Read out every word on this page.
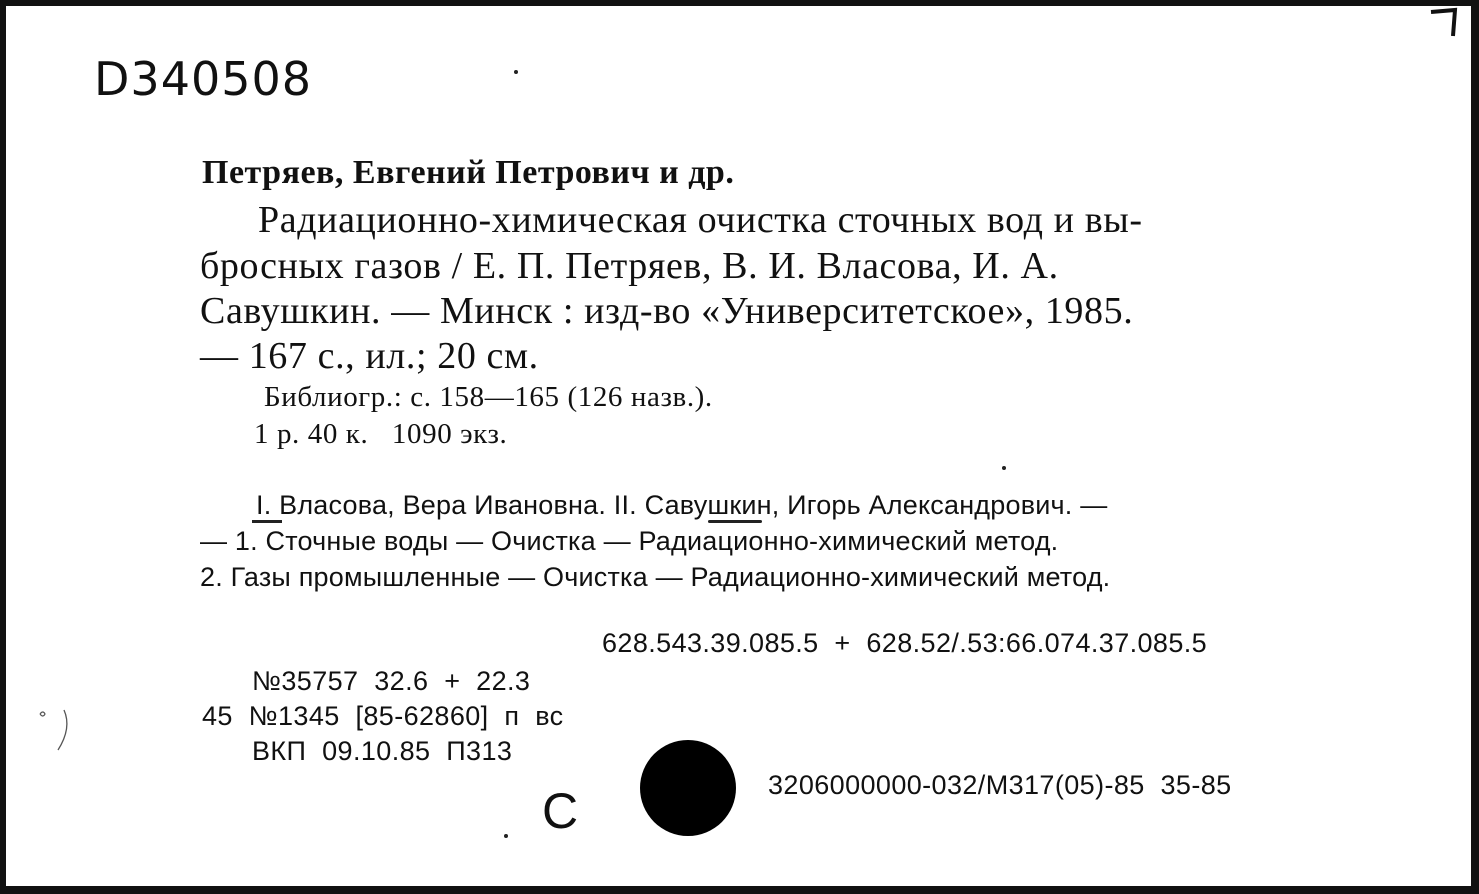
D340508
Петряев, Евгений Петрович и др.
Радиационно-химическая очистка сточных вод и вы-
бросных газов / Е. П. Петряев, В. И. Власова, И. А.
Савушкин. — Минск : изд-во «Университетское», 1985.
— 167 с., ил.; 20 см.
Библиогр.: с. 158—165 (126 назв.).
1 р. 40 к.   1090 экз.
I. Власова, Вера Ивановна. II. Савушкин, Игорь Александрович. —
— 1. Сточные воды — Очистка — Радиационно-химический метод.
2. Газы промышленные — Очистка — Радиационно-химический метод.
628.543.39.085.5  +  628.52/.53:66.074.37.085.5
№35757  32.6  +  22.3
45  №1345  [85-62860]  п  вс
ВКП  09.10.85  П313
С	3206000000-032/М317(05)-85  35-85
